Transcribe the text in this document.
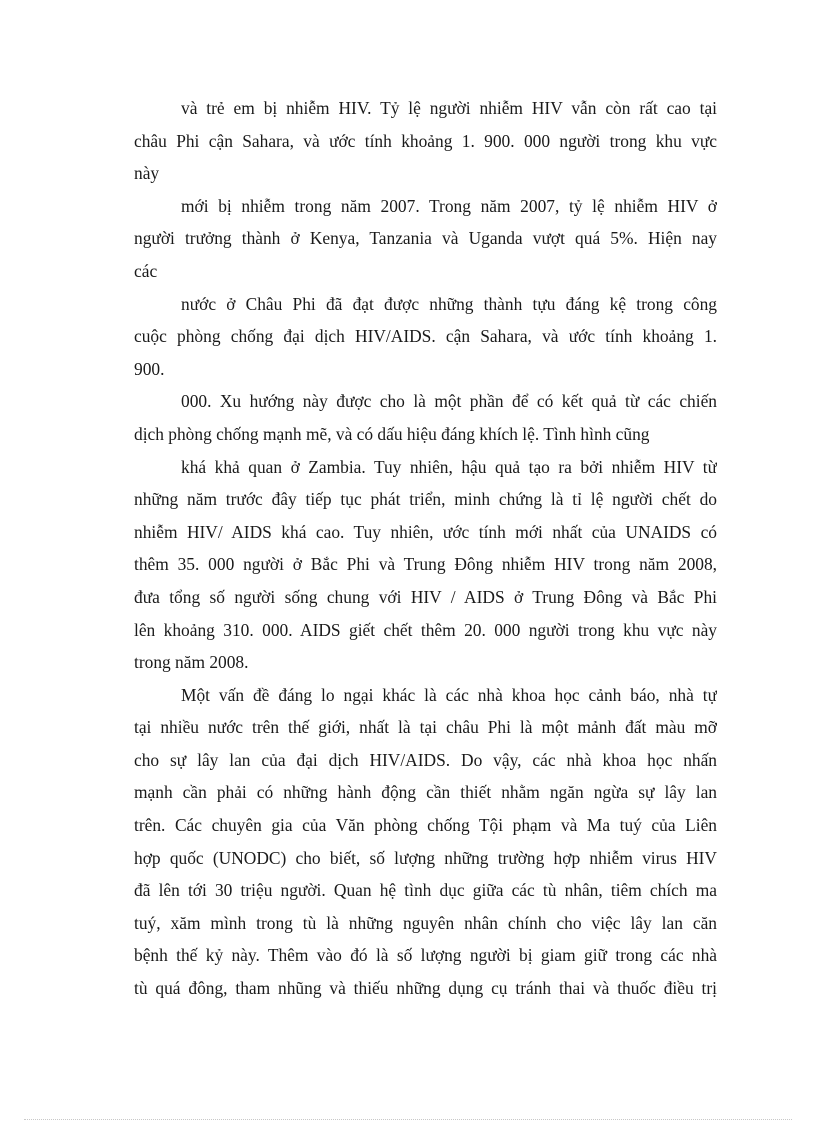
và trẻ em bị nhiễm HIV. Tỷ lệ người nhiễm HIV vẫn còn rất cao tại
châu Phi cận Sahara, và ước tính khoảng 1. 900. 000 người trong khu vực
này
mới bị nhiễm trong năm 2007. Trong năm 2007, tỷ lệ nhiễm HIV ở
người trưởng thành ở Kenya, Tanzania và Uganda vượt quá 5%. Hiện nay
các
nước ở Châu Phi đã đạt được những thành tựu đáng kệ trong công
cuộc phòng chống đại dịch HIV/AIDS. cận Sahara, và ước tính khoảng 1.
900.
000. Xu hướng này được cho là một phần để có kết quả từ các chiến
dịch phòng chống mạnh mẽ, và có dấu hiệu đáng khích lệ. Tình hình cũng
khá khả quan ở Zambia. Tuy nhiên, hậu quả tạo ra bởi nhiễm HIV từ
những năm trước đây tiếp tục phát triển, minh chứng là tỉ lệ người chết do
nhiễm HIV/ AIDS khá cao. Tuy nhiên, ước tính mới nhất của UNAIDS có
thêm 35. 000 người ở Bắc Phi và Trung Đông nhiễm HIV trong năm 2008,
đưa tổng số người sống chung với HIV / AIDS ở Trung Đông và Bắc Phi
lên khoảng 310. 000. AIDS giết chết thêm 20. 000 người trong khu vực này
trong năm 2008.
Một vấn đề đáng lo ngại khác là các nhà khoa học cảnh báo, nhà tự
tại nhiều nước trên thế giới, nhất là tại châu Phi là một mảnh đất màu mỡ
cho sự lây lan của đại dịch HIV/AIDS. Do vậy, các nhà khoa học nhấn
mạnh cần phải có những hành động cần thiết nhằm ngăn ngừa sự lây lan
trên. Các chuyên gia của Văn phòng chống Tội phạm và Ma tuý của Liên
hợp quốc (UNODC) cho biết, số lượng những trường hợp nhiễm virus HIV
đã lên tới 30 triệu người. Quan hệ tình dục giữa các tù nhân, tiêm chích ma
tuý, xăm mình trong tù là những nguyên nhân chính cho việc lây lan căn
bệnh thế kỷ này. Thêm vào đó là số lượng người bị giam giữ trong các nhà
tù quá đông, tham nhũng và thiếu những dụng cụ tránh thai và thuốc điều trị
